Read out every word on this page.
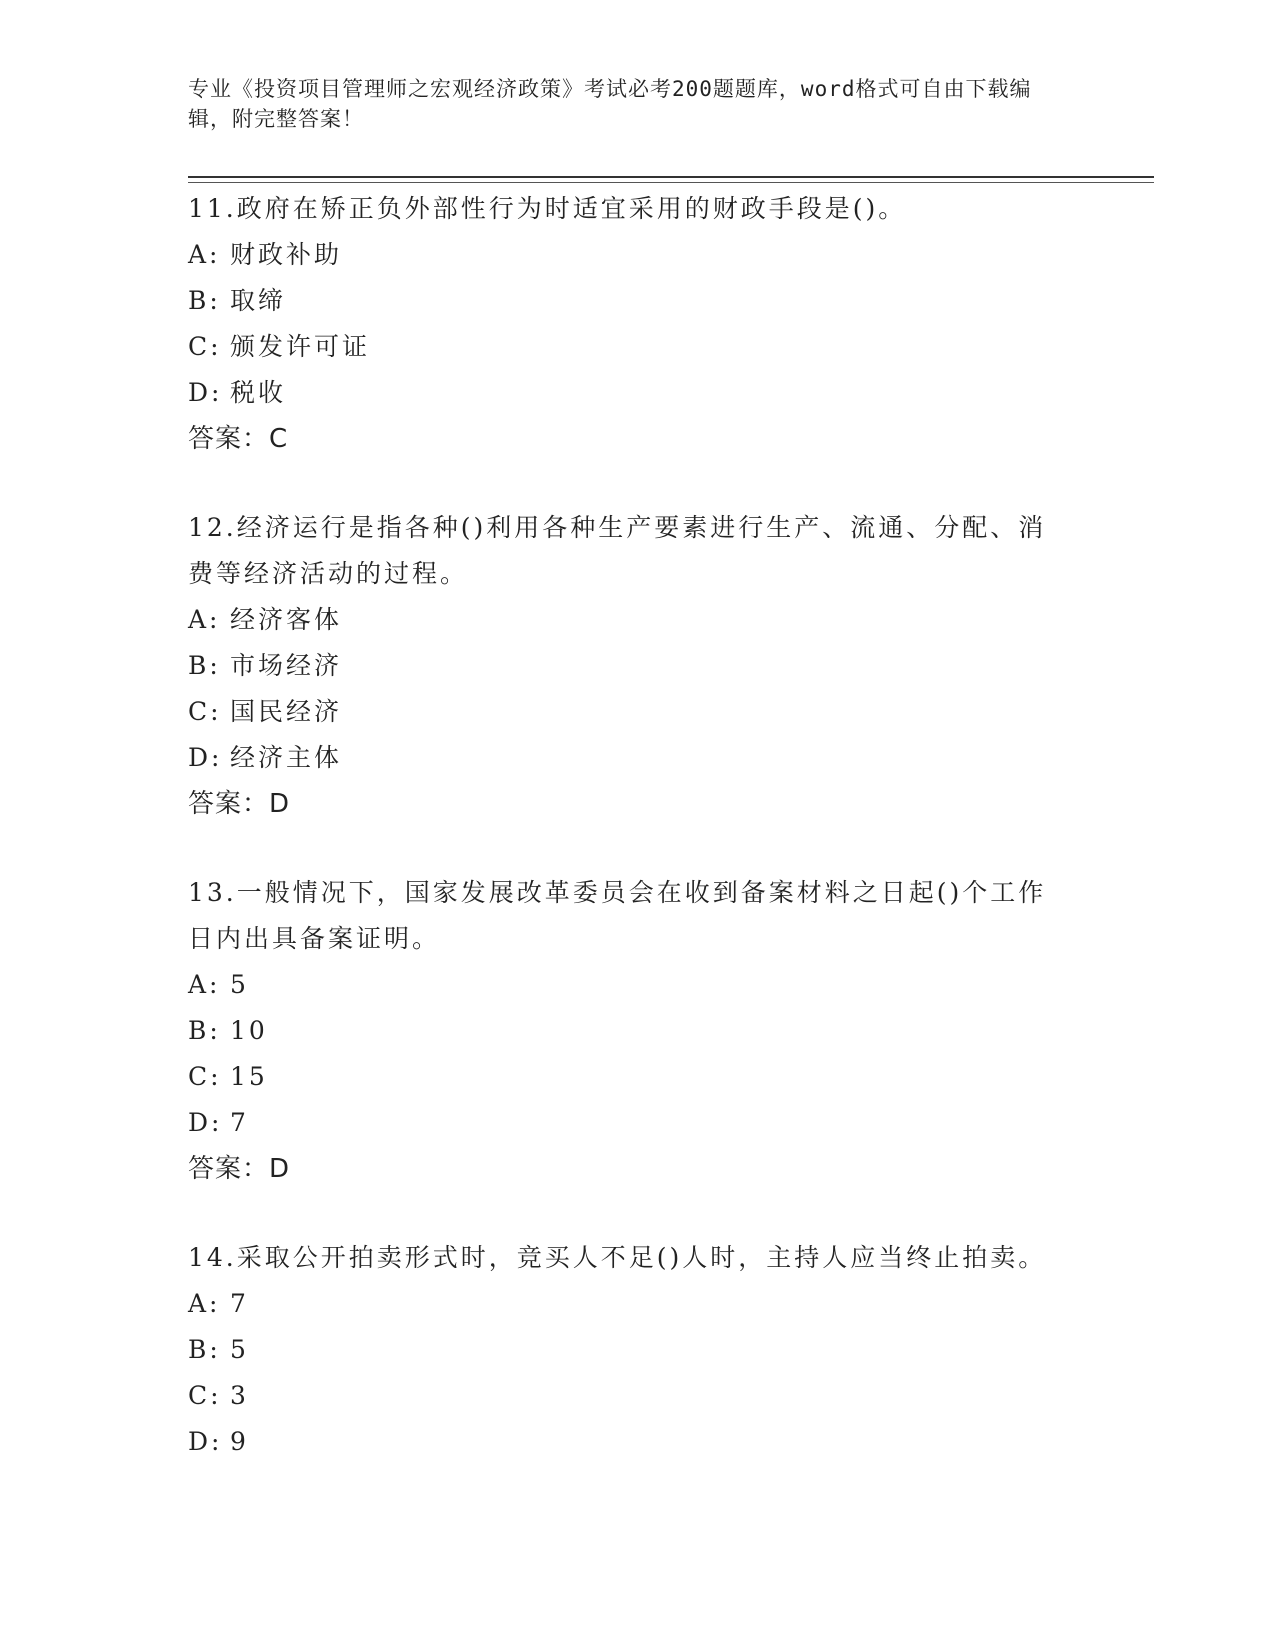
专业《投资项目管理师之宏观经济政策》考试必考200题题库，word格式可自由下载编辑，附完整答案！
11.政府在矫正负外部性行为时适宜采用的财政手段是()。
A: 财政补助
B: 取缔
C: 颁发许可证
D: 税收
答案：C
12.经济运行是指各种()利用各种生产要素进行生产、流通、分配、消费等经济活动的过程。
A: 经济客体
B: 市场经济
C: 国民经济
D: 经济主体
答案：D
13.一般情况下，国家发展改革委员会在收到备案材料之日起()个工作日内出具备案证明。
A: 5
B: 10
C: 15
D: 7
答案：D
14.采取公开拍卖形式时，竞买人不足()人时，主持人应当终止拍卖。
A: 7
B: 5
C: 3
D: 9
